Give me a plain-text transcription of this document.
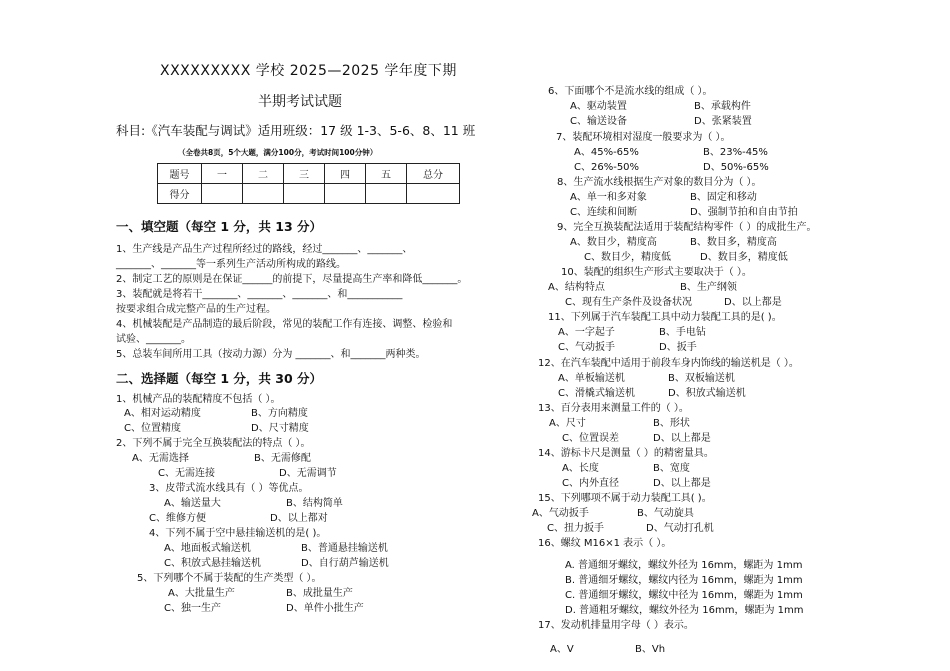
XXXXXXXXX 学校 2025—2025 学年度下期
半期考试试题
科目:《汽车装配与调试》适用班级：17 级 1-3、5-6、8、11 班
（全卷共8页，5个大题，满分100分，考试时间100分钟）
题号	一	二	三	四	五	总分
得分						
一、填空题（每空 1 分，共 13 分）
1、生产线是产品生产过程所经过的路线，经过_______、_______、
_______、_______等一系列生产活动所构成的路线。
2、制定工艺的原则是在保证______的前提下，尽量提高生产率和降低_______。
3、装配就是将若干_______、_______、_______、和___________
按要求组合成完整产品的生产过程。
4、机械装配是产品制造的最后阶段，常见的装配工作有连接、调整、检验和
试验、_______。
5、总装车间所用工具（按动力源）分为 _______、和_______两种类。
二、选择题（每空 1 分，共 30 分）
1、机械产品的装配精度不包括（ ）。
A、相对运动精度	B、方向精度
C、位置精度	D、尺寸精度
2、下列不属于完全互换装配法的特点（ ）。
A、无需选择	B、无需修配
C、无需连接	D、无需调节
3、皮带式流水线具有（ ）等优点。
A、输送量大	B、结构简单
C、维修方便	D、以上都对
4、下列不属于空中悬挂输送机的是( )。
A、地面板式输送机	B、普通悬挂输送机
C、积放式悬挂输送机	D、自行葫芦输送机
5、下列哪个不属于装配的生产类型（ ）。
A、大批量生产	B、成批量生产
C、独一生产	D、单件小批生产
6、下面哪个不是流水线的组成（ ）。
A、驱动装置	B、承载构件
C、输送设备	D、张紧装置
7、装配环境相对湿度一般要求为（ ）。
A、45%-65%	B、23%-45%
C、26%-50%	D、50%-65%
8、生产流水线根据生产对象的数目分为（ ）。
A、单一和多对象	B、固定和移动
C、连续和间断	D、强制节拍和自由节拍
9、完全互换装配法适用于装配结构零件（ ）的成批生产。
A、数目少，精度高	B、数目多，精度高
C、数目少，精度低	D、数目多，精度低
10、装配的组织生产形式主要取决于（ ）。
A、结构特点	B、生产纲领
C、现有生产条件及设备状况	D、以上都是
11、下列属于汽车装配工具中动力装配工具的是( )。
A、一字起子	B、手电钻
C、气动扳手	D、扳手
12、在汽车装配中适用于前段车身内饰线的输送机是（ ）。
A、单板输送机	B、双板输送机
C、滑橇式输送机	D、积放式输送机
13、百分表用来测量工件的（ ）。
A、尺寸	B、形状
C、位置误差	D、以上都是
14、游标卡尺是测量（ ）的精密量具。
A、长度	B、宽度
C、内外直径	D、以上都是
15、下列哪项不属于动力装配工具( )。
A、气动扳手	B、气动旋具
C、扭力扳手	D、气动打孔机
16、螺纹 M16×1 表示（ ）。
A. 普通细牙螺纹，螺纹外径为 16mm，螺距为 1mm
B. 普通细牙螺纹，螺纹内径为 16mm，螺距为 1mm
C. 普通细牙螺纹，螺纹中径为 16mm，螺距为 1mm
D. 普通粗牙螺纹，螺纹外径为 16mm，螺距为 1mm
17、发动机排量用字母（ ）表示。
A、V	B、Vh
